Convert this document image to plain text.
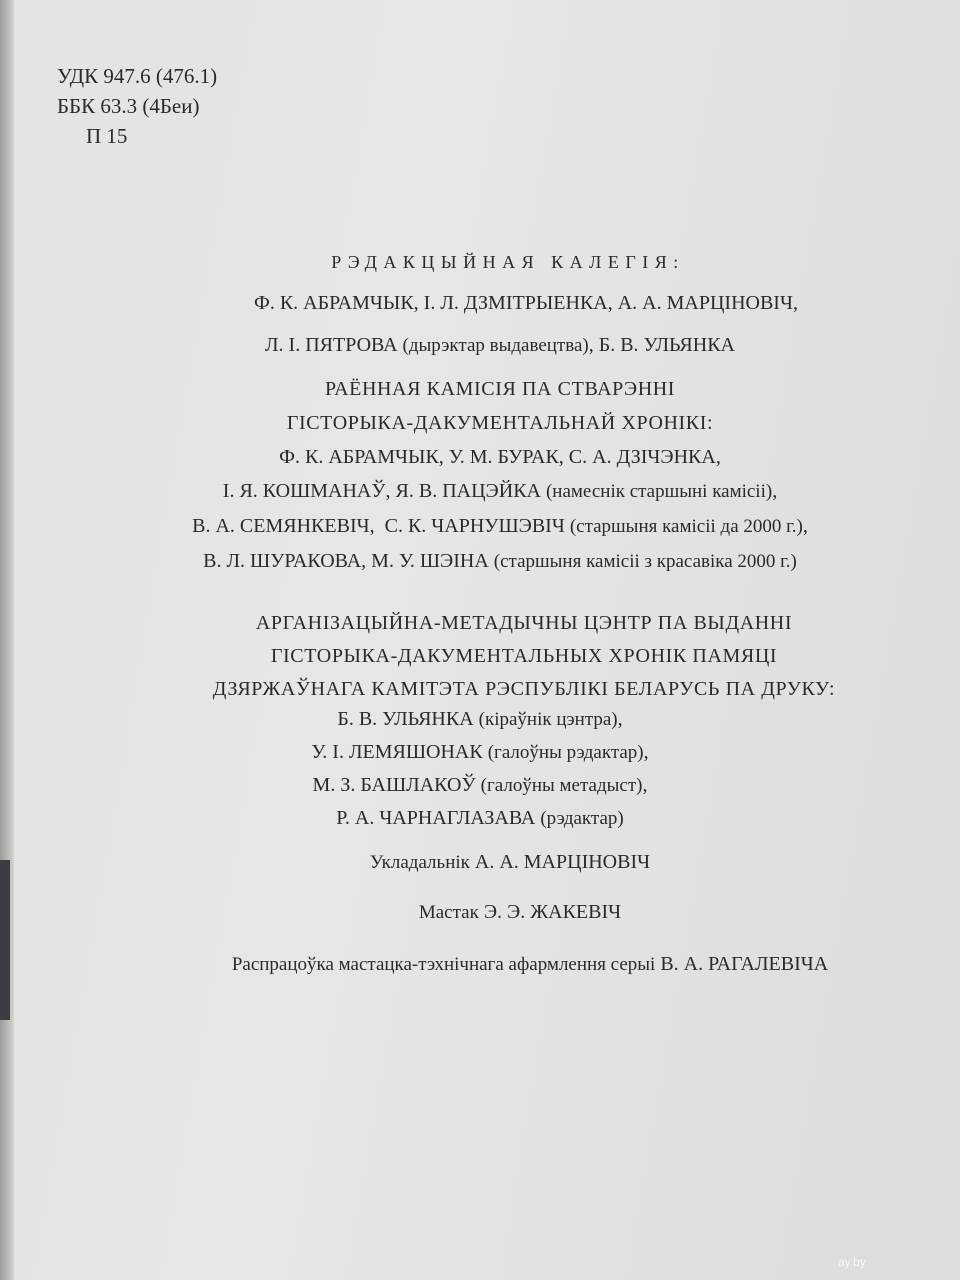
УДК 947.6 (476.1)
ББК 63.3 (4Беи)
П 15
РЭДАКЦЫЙНАЯ КАЛЕГІЯ:
Ф. К. АБРАМЧЫК, І. Л. ДЗМІТРЫЕНКА, А. А. МАРЦІНОВІЧ,
Л. І. ПЯТРОВА (дырэктар выдавецтва), Б. В. УЛЬЯНКА
РАЁННАЯ КАМІСІЯ ПА СТВАРЭННІ
ГІСТОРЫКА-ДАКУМЕНТАЛЬНАЙ ХРОНІКІ:
Ф. К. АБРАМЧЫК, У. М. БУРАК, С. А. ДЗІЧЭНКА,
І. Я. КОШМАНАЎ, Я. В. ПАЦЭЙКА (намеснік старшыні камісіі),
В. А. СЕМЯНКЕВІЧ,  С. К. ЧАРНУШЭВІЧ (старшыня камісіі да 2000 г.),
В. Л. ШУРАКОВА, М. У. ШЭІНА (старшыня камісіі з красавіка 2000 г.)
АРГАНІЗАЦЫЙНА-МЕТАДЫЧНЫ ЦЭНТР ПА ВЫДАННІ
ГІСТОРЫКА-ДАКУМЕНТАЛЬНЫХ ХРОНІК ПАМЯЦІ
ДЗЯРЖАЎНАГА КАМІТЭТА РЭСПУБЛІКІ БЕЛАРУСЬ ПА ДРУКУ:
Б. В. УЛЬЯНКА (кіраўнік цэнтра),
У. І. ЛЕМЯШОНАК (галоўны рэдактар),
М. З. БАШЛАКОЎ (галоўны метадыст),
Р. А. ЧАРНАГЛАЗАВА (рэдактар)
Укладальнік А. А. МАРЦІНОВІЧ
Мастак Э. Э. ЖАКЕВІЧ
Распрацоўка мастацка-тэхнічнага афармлення серыі В. А. РАГАЛЕВІЧА
ay.by
